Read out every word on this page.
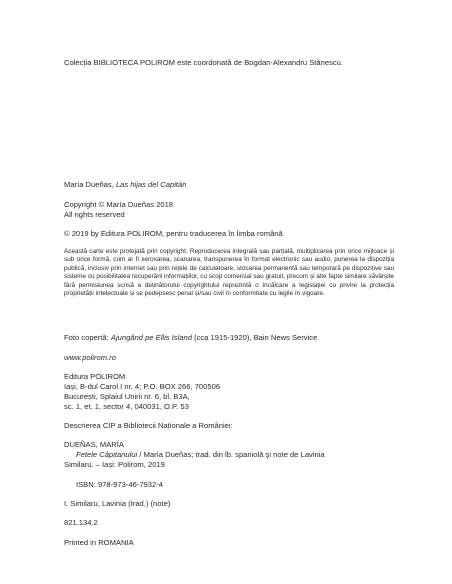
Colecția BIBLIOTECA POLIROM este coordonată de Bogdan-Alexandru Stănescu.
María Dueñas, Las hijas del Capitán
Copyright © María Dueñas 2018
All rights reserved
© 2019 by Editura POLIROM, pentru traducerea în limba română
Această carte este protejată prin copyright. Reproducerea integrală sau parțială, multiplicarea prin orice mijloace și sub orice formă, cum ar fi xeroxarea, scanarea, transpunerea în format electronic sau audio, punerea la dispoziția publică, inclusiv prin internet sau prin rețele de calculatoare, stocarea permanentă sau temporară pe dispozitive sau sisteme cu posibilitatea recuperării informațiilor, cu scop comercial sau gratuit, precum și alte fapte similare săvârșite fără permisiunea scrisă a deținătorului copyrightului reprezintă o încălcare a legislației cu privire la protecția proprietății intelectuale și se pedepsesc penal și/sau civil în conformitate cu legile în vigoare.
Foto copertă: Ajungând pe Ellis Island (cca 1915-1920), Bain News Service
www.polirom.ro
Editura POLIROM
Iași, B-dul Carol I nr. 4; P.O. BOX 266, 700506
București, Splaiul Unirii nr. 6, bl. B3A,
sc. 1, et. 1, sector 4, 040031, O.P. 53
Descrierea CIP a Bibliotecii Naționale a României:
DUEÑAS, MARÍA
Fetele Căpitanului / María Dueñas; trad. din lb. spaniolă şi note de Lavinia
Similaru. – Iași: Polirom, 2019
ISBN: 978-973-46-7932-4
I. Similaru, Lavinia (trad.) (note)
821.134.2
Printed in ROMANIA
